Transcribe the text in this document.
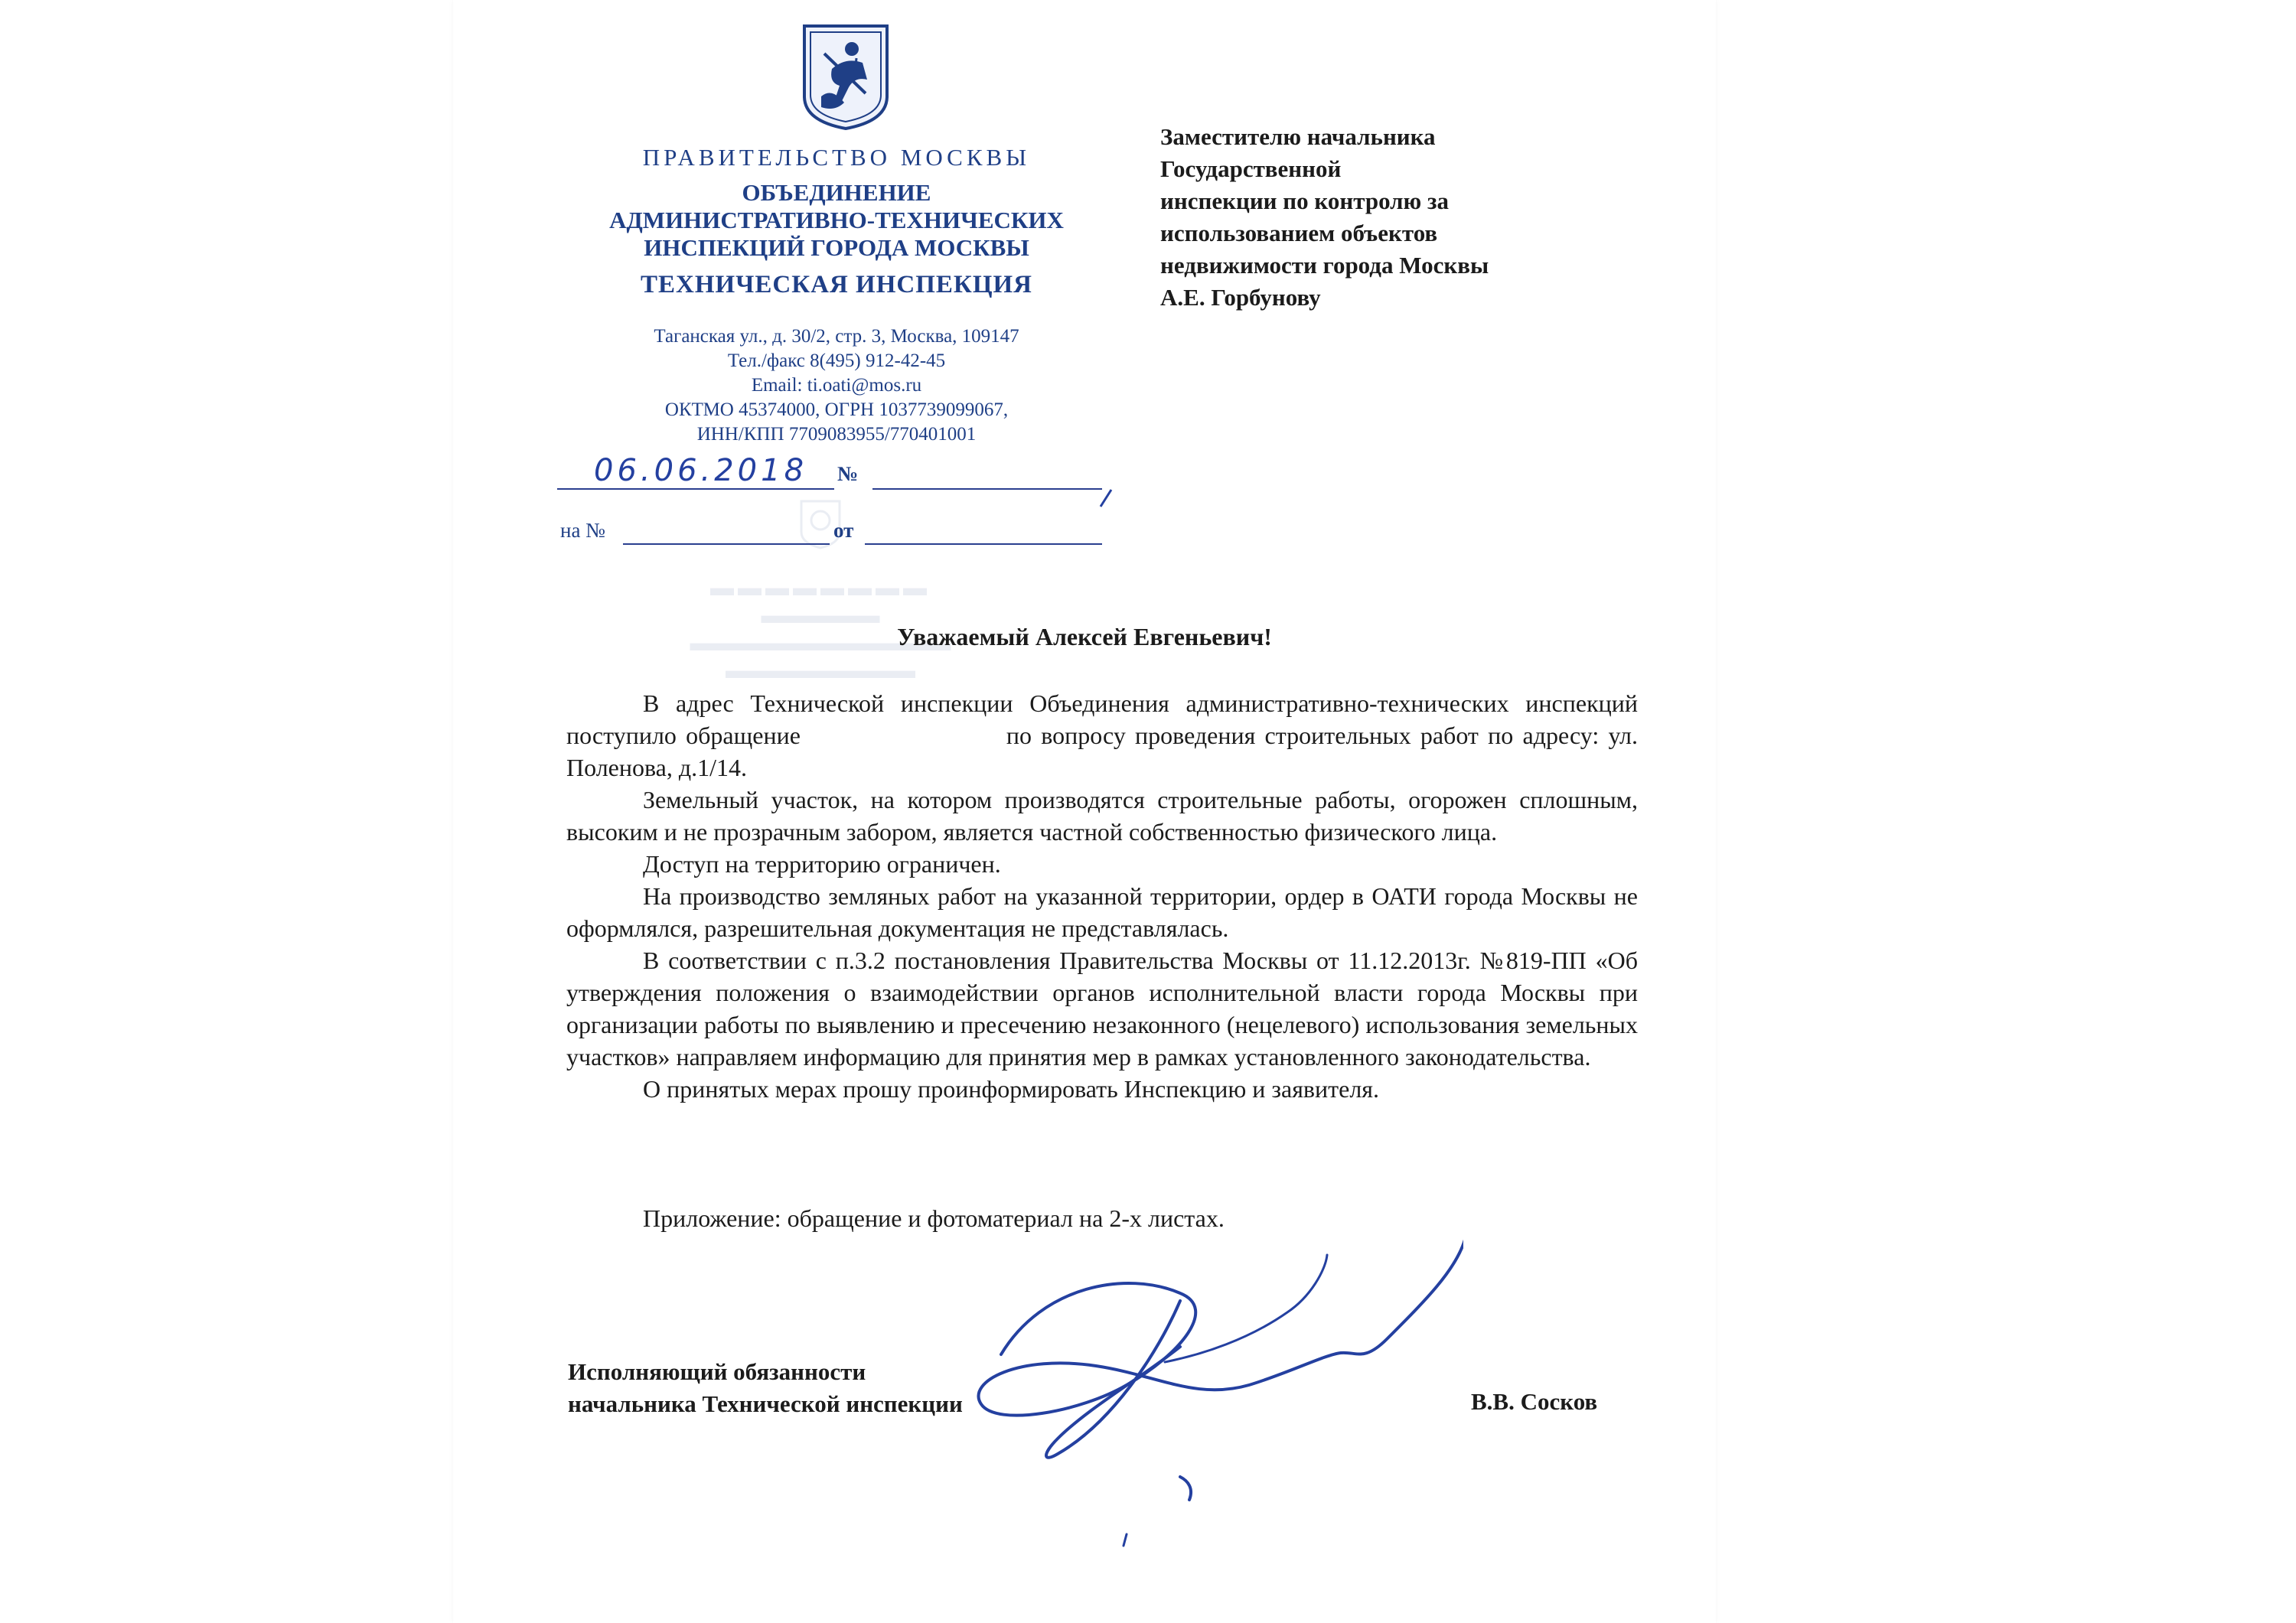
▬▬▬▬▬▬▬▬
▬▬▬▬▬
▬▬▬▬▬▬▬▬▬▬▬
▬▬▬▬▬▬▬▬
ПРАВИТЕЛЬСТВО МОСКВЫ
ОБЪЕДИНЕНИЕ
АДМИНИСТРАТИВНО-ТЕХНИЧЕСКИХ
ИНСПЕКЦИЙ ГОРОДА МОСКВЫ
ТЕХНИЧЕСКАЯ ИНСПЕКЦИЯ
Таганская ул., д. 30/2, стр. 3, Москва, 109147
Тел./факс 8(495) 912-42-45
Email: ti.oati@mos.ru
ОКТМО 45374000, ОГРН 1037739099067,
ИНН/КПП 7709083955/770401001
Заместителю начальника
Государственной
инспекции по контролю за
использованием объектов
недвижимости города Москвы
А.Е. Горбунову
06.06.2018 №
на №	от
Уважаемый Алексей Евгеньевич!

В адрес Технической инспекции Объединения административно-технических инспекций поступило обращение                      по вопросу проведения строительных работ по адресу: ул. Поленова, д.1/14.

Земельный участок, на котором производятся строительные работы, огорожен сплошным, высоким и не прозрачным забором, является частной собственностью физического лица.

Доступ на территорию ограничен.

На производство земляных работ на указанной территории, ордер в ОАТИ города Москвы не оформлялся, разрешительная документация не представлялась.

В соответствии с п.3.2 постановления Правительства Москвы от 11.12.2013г. №819-ПП «Об утверждения положения о взаимодействии органов исполнительной власти города Москвы при организации работы по выявлению и пресечению незаконного (нецелевого) использования земельных участков» направляем информацию для принятия мер в рамках установленного законодательства.

О принятых мерах прошу проинформировать Инспекцию и заявителя.

Приложение: обращение и фотоматериал на 2-х листах.
Исполняющий обязанности
начальника Технической инспекции	В.В. Сосков
